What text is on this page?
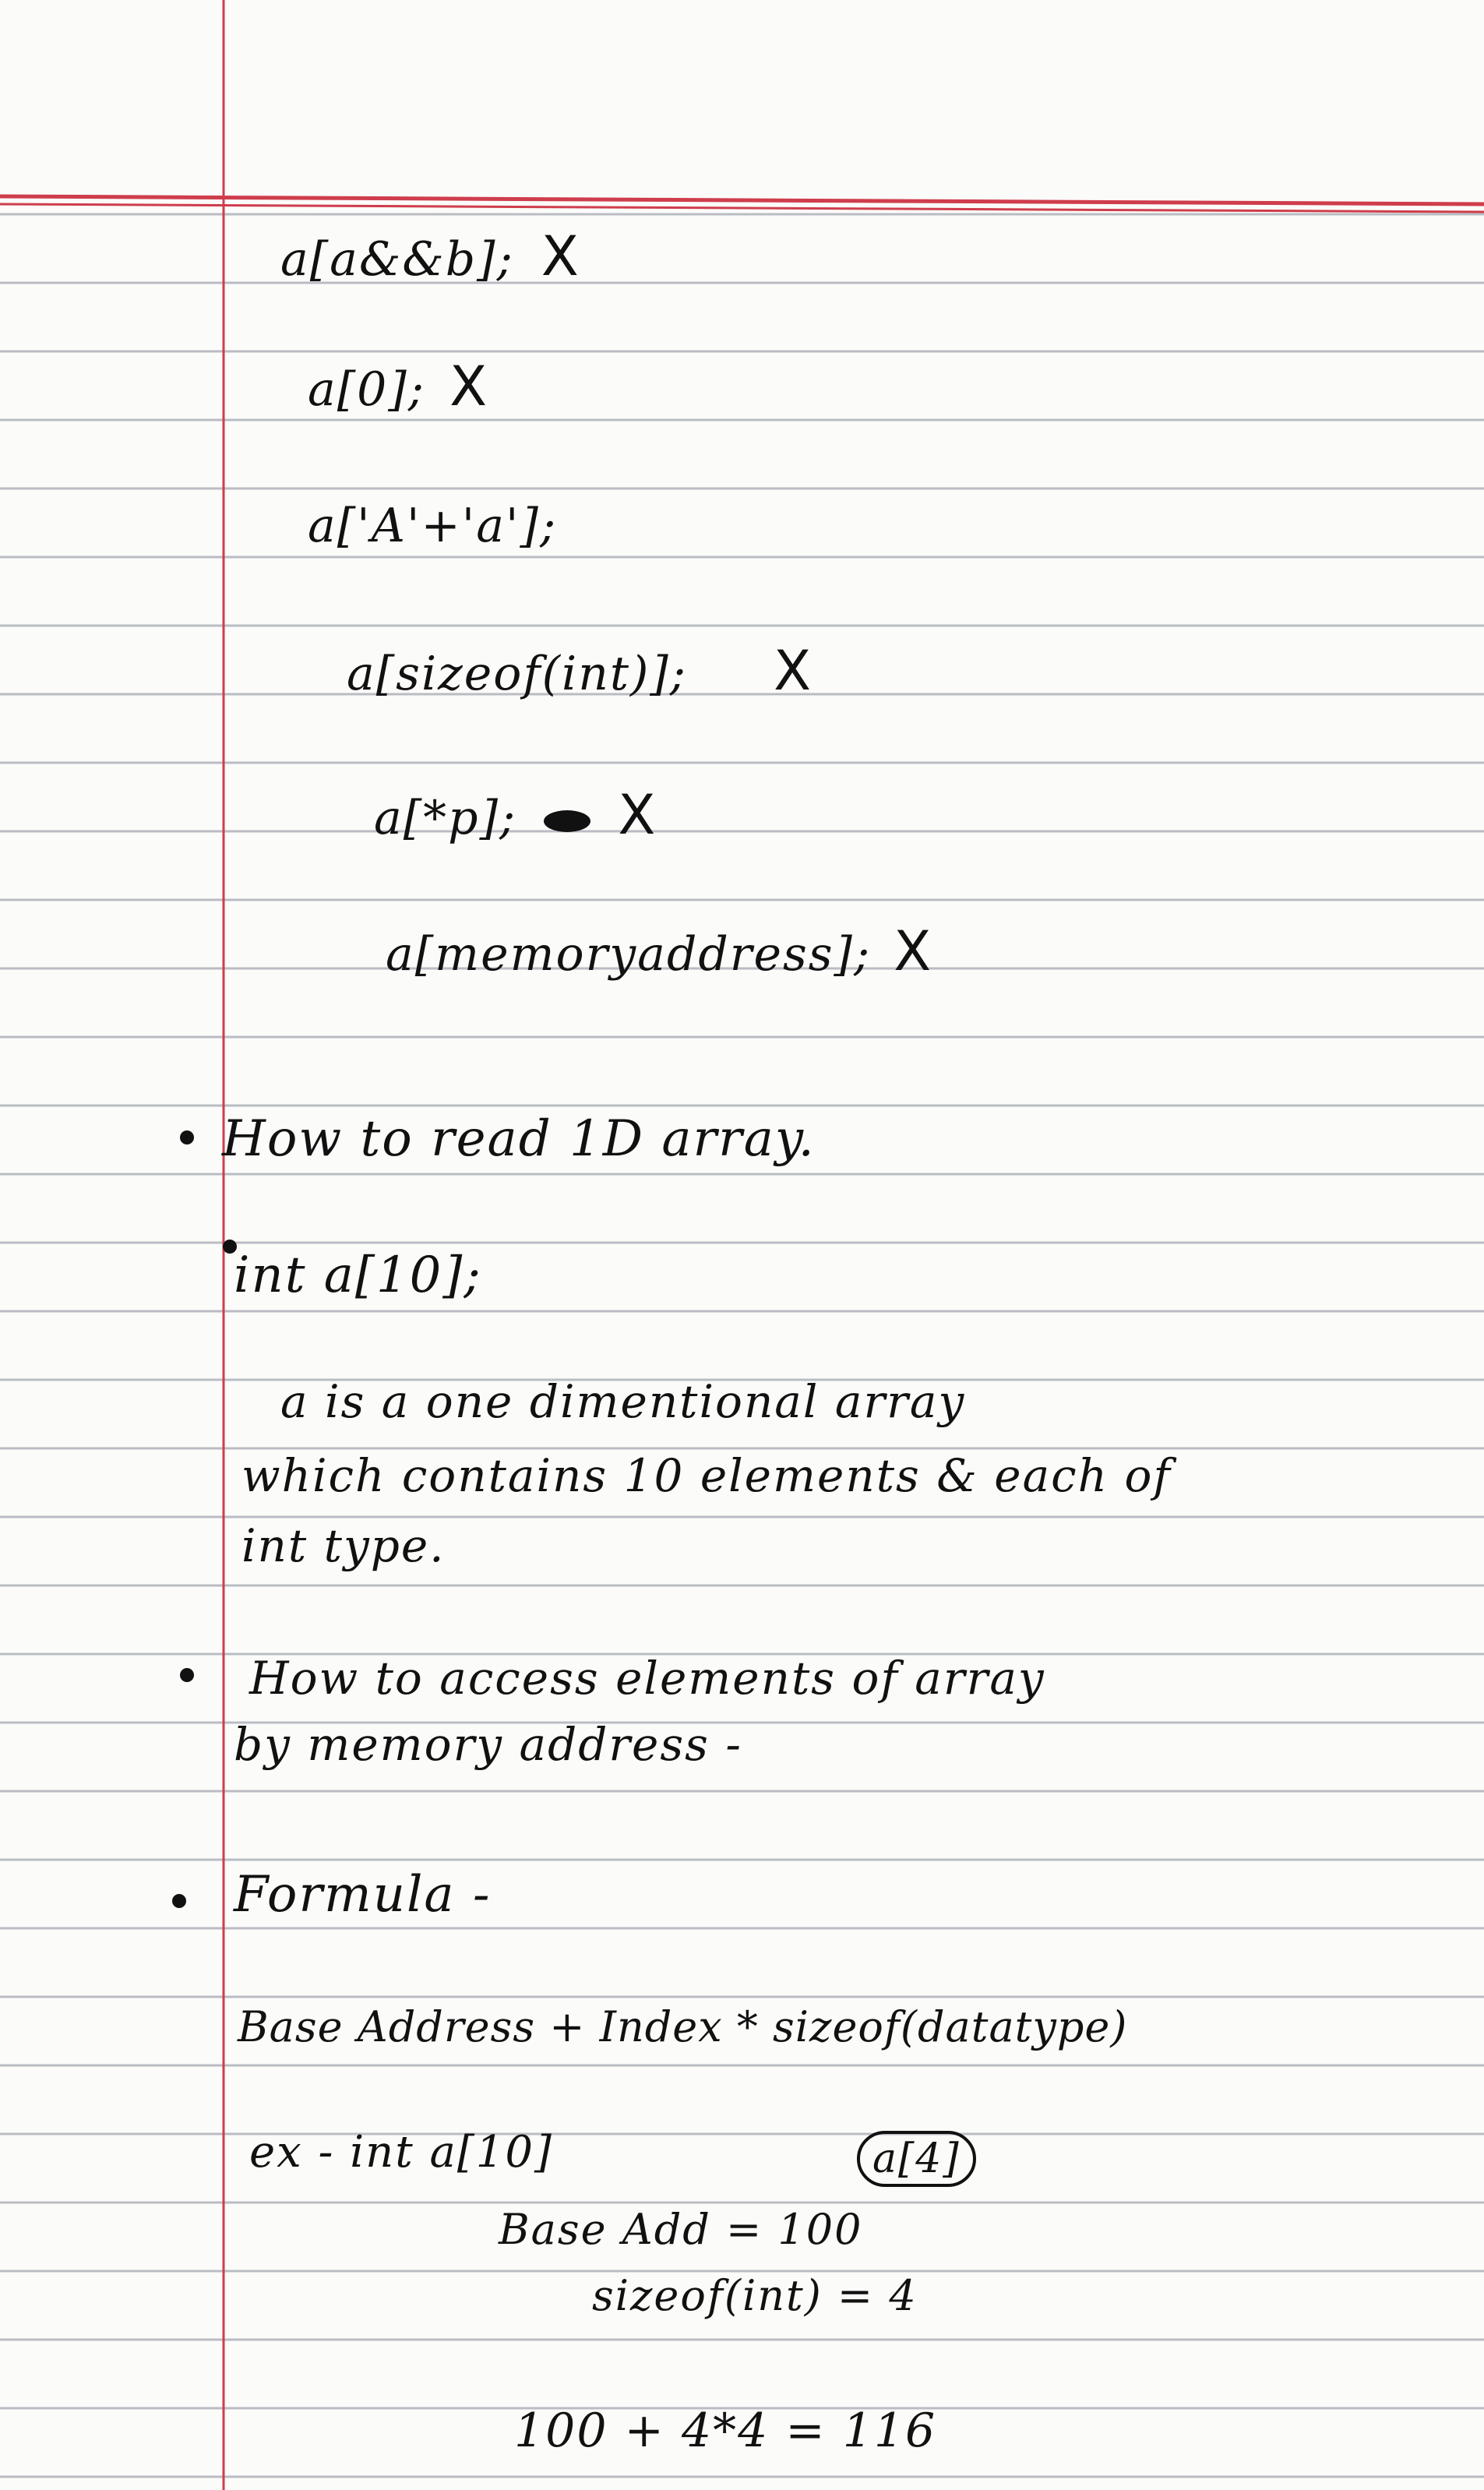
a[a&&b]; X
a[0]; X
a['A'+'a'];
a[sizeof(int)]; X
a[*p]; X
a[memoryaddress]; X
How to read 1D array.
int a[10];
a is a one dimentional array
which contains 10 elements & each of
int type.
How to access elements of array
by memory address -
Formula -
Base Address + Index * sizeof(datatype)
ex - int a[10]	a[4]
Base Add = 100
sizeof(int) = 4
100 + 4*4 = 116
